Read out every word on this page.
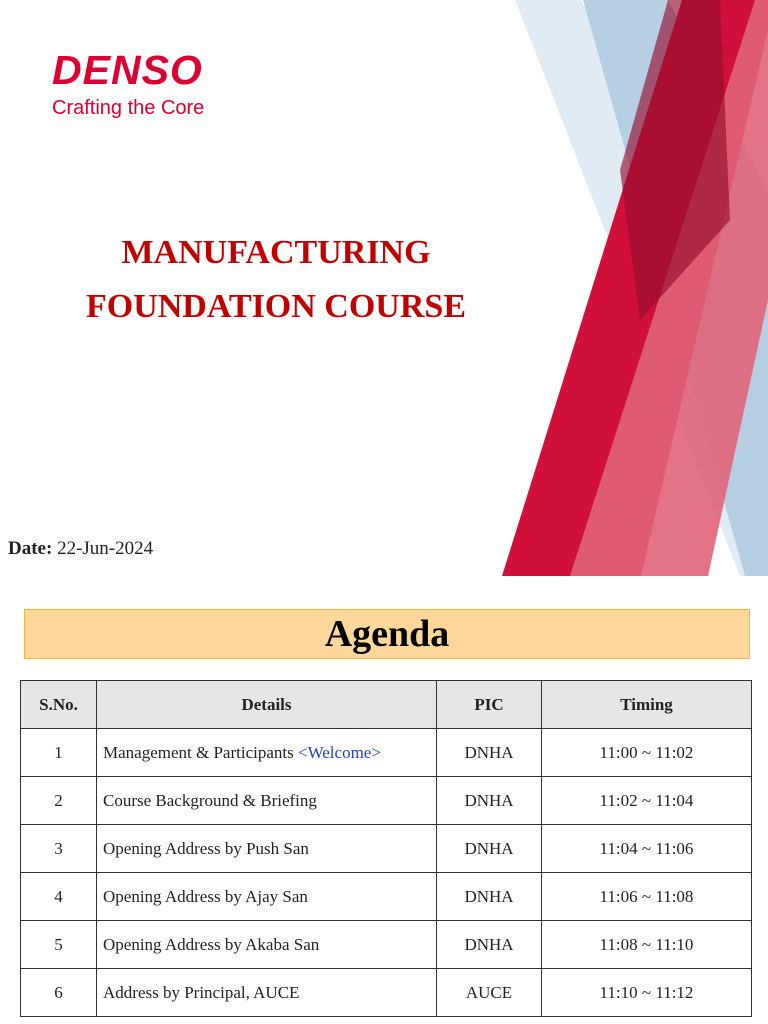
DENSO
Crafting the Core
MANUFACTURING
FOUNDATION COURSE

Date: 22-Jun-2024

Agenda
S.No.	Details	PIC	Timing
1	Management & Participants <Welcome>	DNHA	11:00 ~ 11:02
2	Course Background & Briefing	DNHA	11:02 ~ 11:04
3	Opening Address by Push San	DNHA	11:04 ~ 11:06
4	Opening Address by Ajay San	DNHA	11:06 ~ 11:08
5	Opening Address by Akaba San	DNHA	11:08 ~ 11:10
6	Address by Principal, AUCE	AUCE	11:10 ~ 11:12
